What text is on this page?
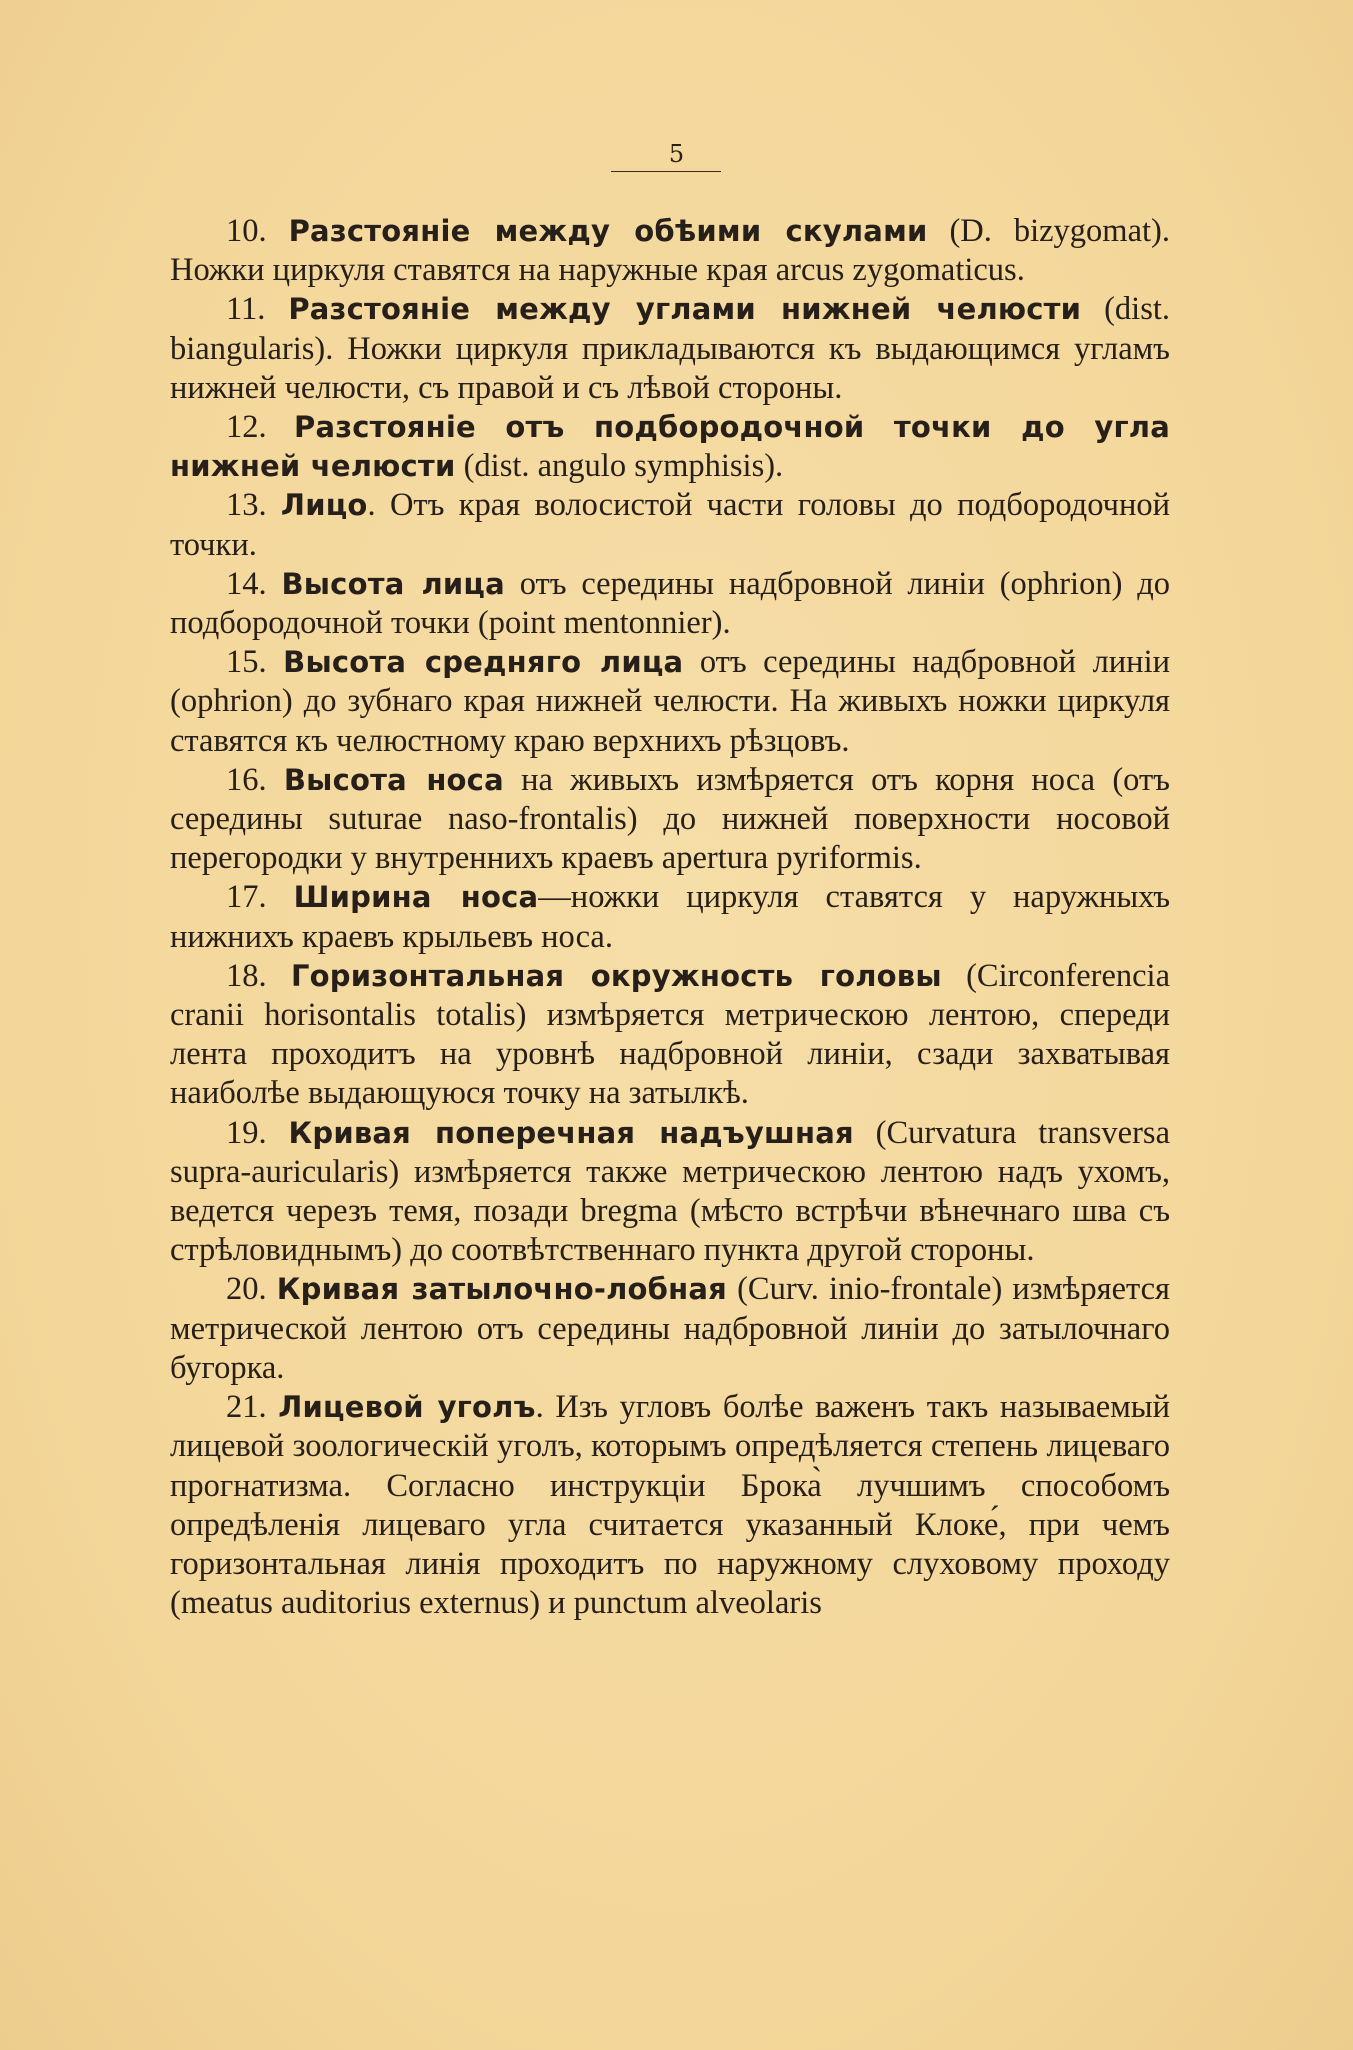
5

10. Разстоянiе между обѣими скулами (D. bizygomat). Ножки циркуля ставятся на наружные края arcus zygomaticus.

11. Разстоянiе между углами нижней челюсти (dist. biangularis). Ножки циркуля прикладываются къ выдающимся угламъ нижней челюсти, съ правой и съ лѣвой стороны.

12. Разстоянiе отъ подбородочной точки до угла нижней челюсти (dist. angulo symphisis).

13. Лицо. Отъ края волосистой части головы до подбородочной точки.

14. Высота лица отъ середины надбровной линiи (ophrion) до подбородочной точки (point mentonnier).

15. Высота средняго лица отъ середины надбровной линiи (ophrion) до зубнаго края нижней челюсти. На живыхъ ножки циркуля ставятся къ челюстному краю верхнихъ рѣзцовъ.

16. Высота носа на живыхъ измѣряется отъ корня носа (отъ середины suturae naso-frontalis) до нижней поверхности носовой перегородки у внутреннихъ краевъ apertura pyriformis.

17. Ширина носа—ножки циркуля ставятся у наружныхъ нижнихъ краевъ крыльевъ носа.

18. Горизонтальная окружность головы (Circonferencia cranii horisontalis totalis) измѣряется метрическою лентою, спереди лента проходитъ на уровнѣ надбровной линiи, сзади захватывая наиболѣе выдающуюся точку на затылкѣ.

19. Кривая поперечная надъушная (Curvatura transversa supra-auricularis) измѣряется также метрическою лентою надъ ухомъ, ведется черезъ темя, позади bregma (мѣсто встрѣчи вѣнечнаго шва съ стрѣловиднымъ) до соотвѣтственнаго пункта другой стороны.

20. Кривая затылочно-лобная (Curv. inio-frontale) измѣряется метрической лентою отъ середины надбровной линiи до затылочнаго бугорка.

21. Лицевой уголъ. Изъ угловъ болѣе важенъ такъ называемый лицевой зоологическiй уголъ, которымъ опредѣляется степень лицеваго прогнатизма. Согласно инструкцiи Брока̀ лучшимъ способомъ опредѣленiя лицеваго угла считается указанный Клоке́, при чемъ горизонтальная линiя проходитъ по наружному слуховому проходу (meatus auditorius externus) и punctum alveolaris
